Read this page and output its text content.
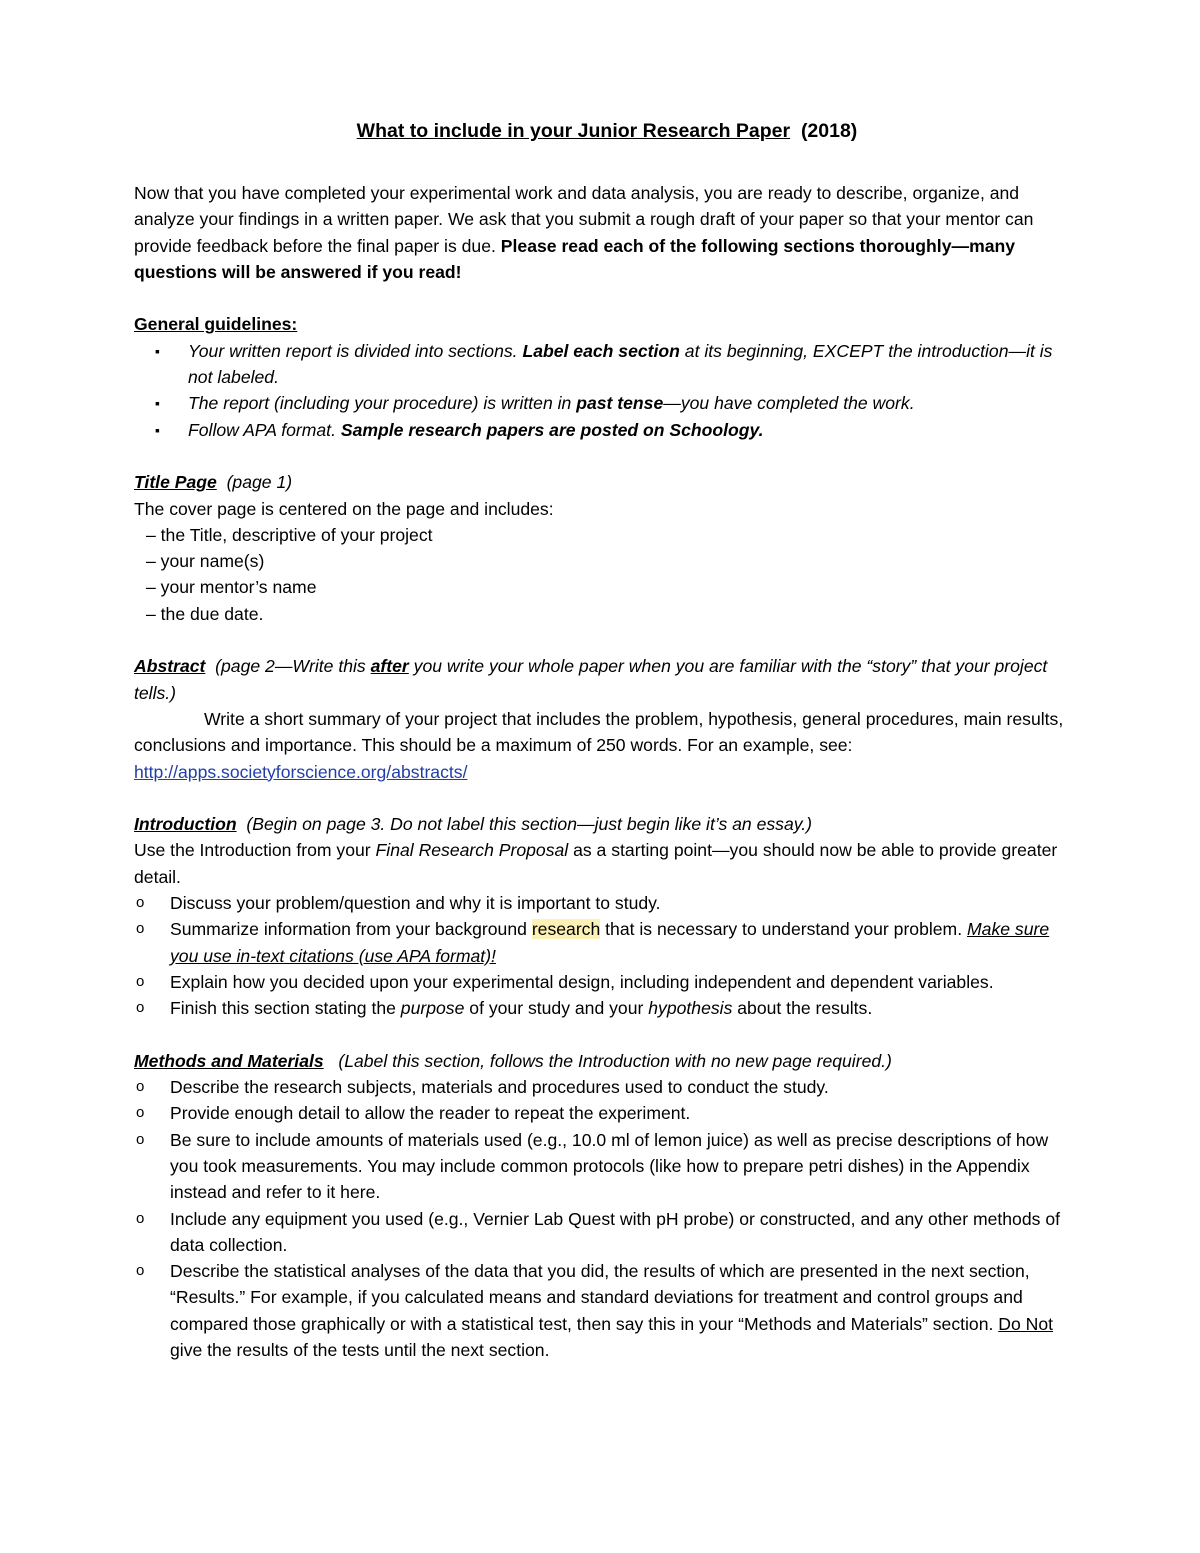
What to include in your Junior Research Paper (2018)

Now that you have completed your experimental work and data analysis, you are ready to describe, organize, and analyze your findings in a written paper. We ask that you submit a rough draft of your paper so that your mentor can provide feedback before the final paper is due. Please read each of the following sections thoroughly—many questions will be answered if you read!

General guidelines:

▪ Your written report is divided into sections. Label each section at its beginning, EXCEPT the introduction—it is not labeled.
▪ The report (including your procedure) is written in past tense—you have completed the work.
▪ Follow APA format. Sample research papers are posted on Schoology.

Title Page (page 1)

The cover page is centered on the page and includes:

– the Title, descriptive of your project
– your name(s)
– your mentor’s name
– the due date.

Abstract (page 2—Write this after you write your whole paper when you are familiar with the “story” that your project tells.)

Write a short summary of your project that includes the problem, hypothesis, general procedures, main results, conclusions and importance. This should be a maximum of 250 words. For an example, see: http://apps.societyforscience.org/abstracts/

Introduction (Begin on page 3. Do not label this section—just begin like it’s an essay.)

Use the Introduction from your Final Research Proposal as a starting point—you should now be able to provide greater detail.

o Discuss your problem/question and why it is important to study.
o Summarize information from your background research that is necessary to understand your problem. Make sure you use in-text citations (use APA format)!
o Explain how you decided upon your experimental design, including independent and dependent variables.
o Finish this section stating the purpose of your study and your hypothesis about the results.

Methods and Materials (Label this section, follows the Introduction with no new page required.)

o Describe the research subjects, materials and procedures used to conduct the study.
o Provide enough detail to allow the reader to repeat the experiment.
o Be sure to include amounts of materials used (e.g., 10.0 ml of lemon juice) as well as precise descriptions of how you took measurements. You may include common protocols (like how to prepare petri dishes) in the Appendix instead and refer to it here.
o Include any equipment you used (e.g., Vernier Lab Quest with pH probe) or constructed, and any other methods of data collection.
o Describe the statistical analyses of the data that you did, the results of which are presented in the next section, “Results.” For example, if you calculated means and standard deviations for treatment and control groups and compared those graphically or with a statistical test, then say this in your “Methods and Materials” section. Do Not give the results of the tests until the next section.
